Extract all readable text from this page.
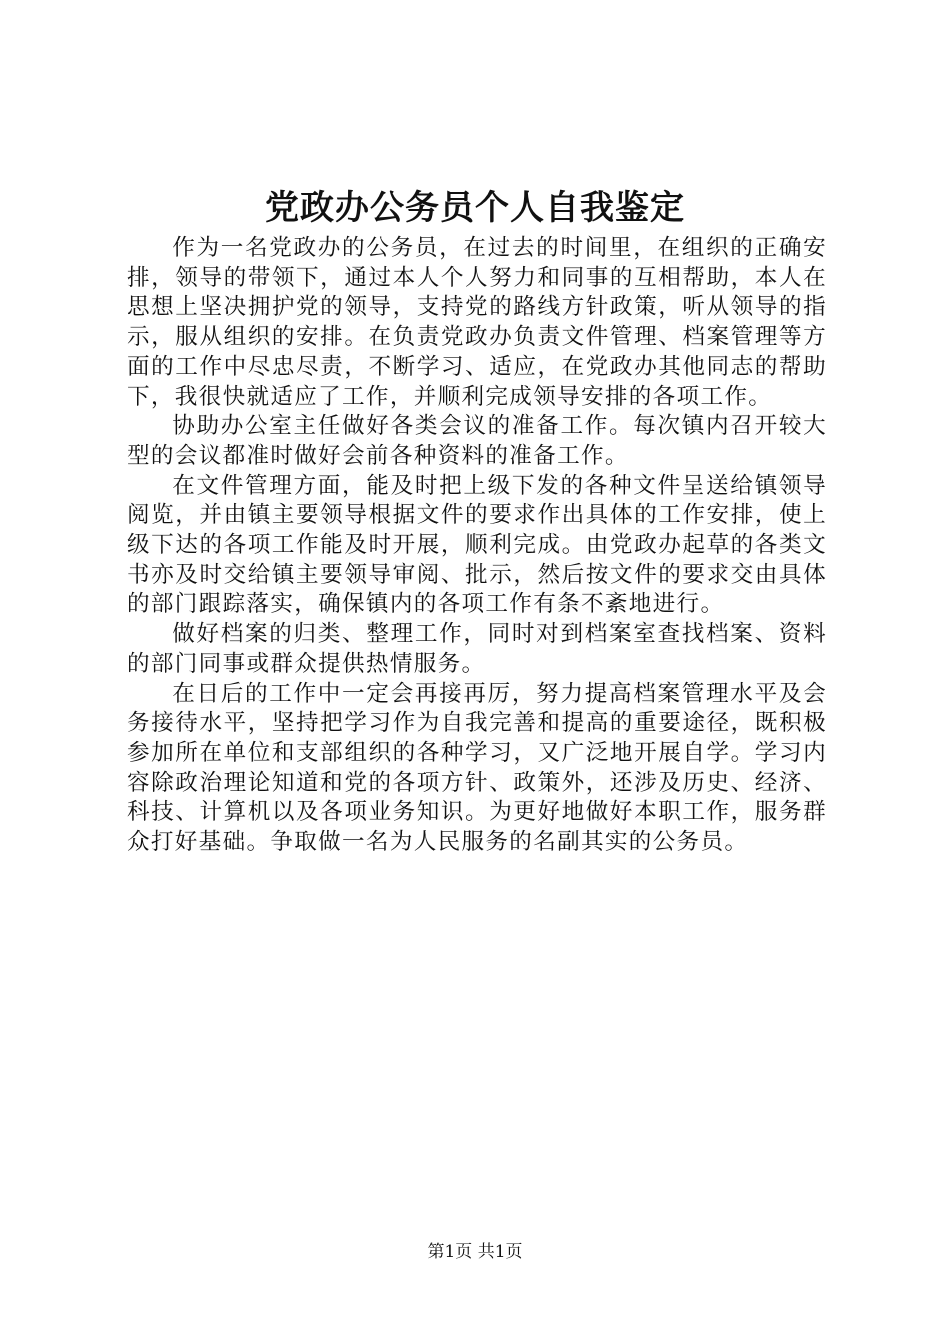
党政办公务员个人自我鉴定

作为一名党政办的公务员，在过去的时间里，在组织的正确安排，领导的带领下，通过本人个人努力和同事的互相帮助，本人在思想上坚决拥护党的领导，支持党的路线方针政策，听从领导的指示，服从组织的安排。在负责党政办负责文件管理、档案管理等方面的工作中尽忠尽责，不断学习、适应，在党政办其他同志的帮助下，我很快就适应了工作，并顺利完成领导安排的各项工作。

协助办公室主任做好各类会议的准备工作。每次镇内召开较大型的会议都准时做好会前各种资料的准备工作。

在文件管理方面，能及时把上级下发的各种文件呈送给镇领导阅览，并由镇主要领导根据文件的要求作出具体的工作安排，使上级下达的各项工作能及时开展，顺利完成。由党政办起草的各类文书亦及时交给镇主要领导审阅、批示，然后按文件的要求交由具体的部门跟踪落实，确保镇内的各项工作有条不紊地进行。

做好档案的归类、整理工作，同时对到档案室查找档案、资料的部门同事或群众提供热情服务。

在日后的工作中一定会再接再厉，努力提高档案管理水平及会务接待水平，坚持把学习作为自我完善和提高的重要途径，既积极参加所在单位和支部组织的各种学习，又广泛地开展自学。学习内容除政治理论知道和党的各项方针、政策外，还涉及历史、经济、科技、计算机以及各项业务知识。为更好地做好本职工作，服务群众打好基础。争取做一名为人民服务的名副其实的公务员。

第1页 共1页
